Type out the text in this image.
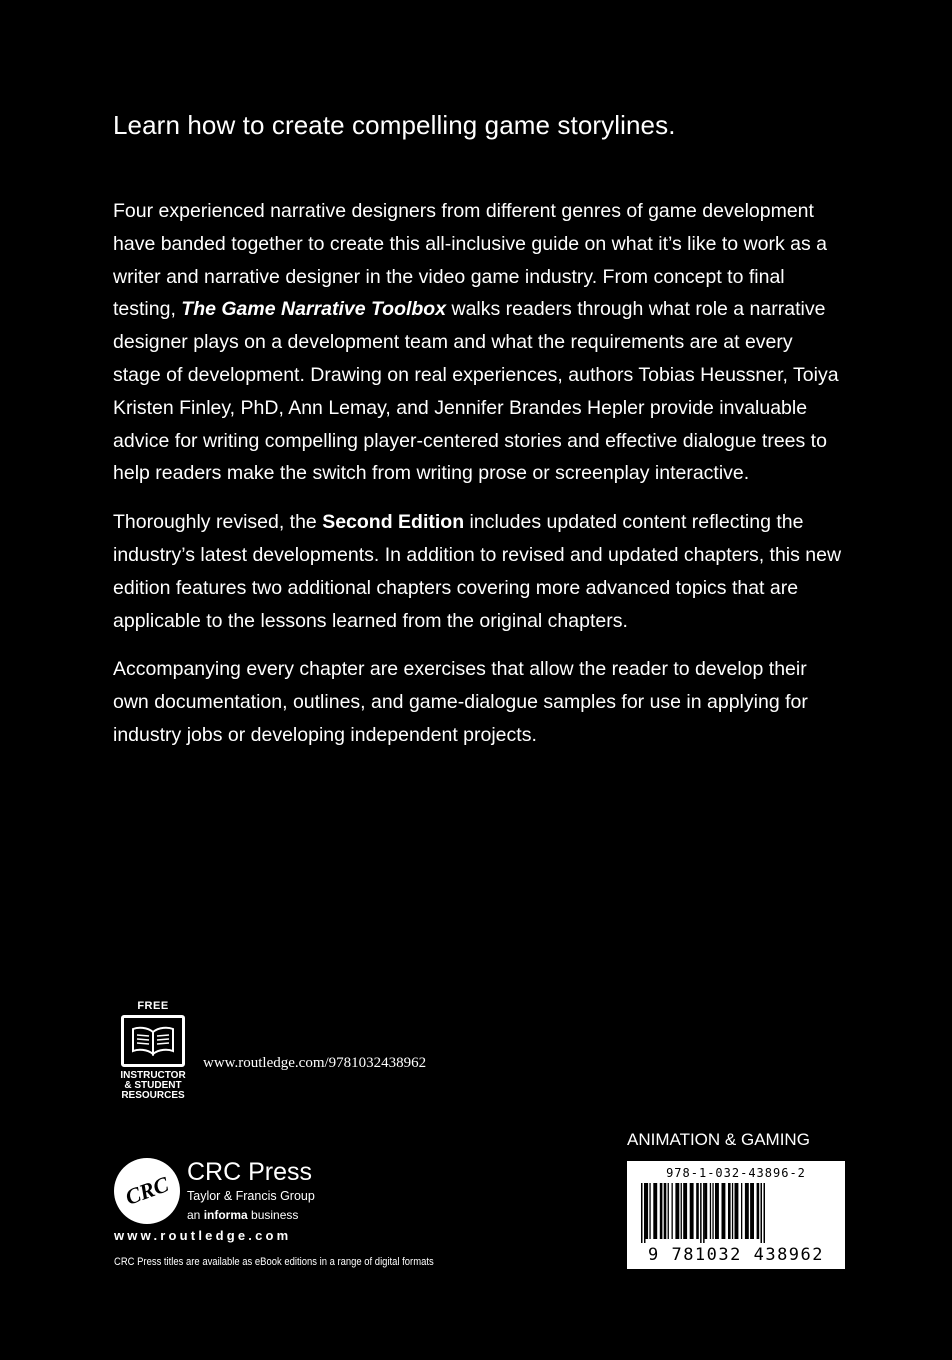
Learn how to create compelling game storylines.

Four experienced narrative designers from different genres of game development have banded together to create this all-inclusive guide on what it’s like to work as a writer and narrative designer in the video game industry. From concept to final testing, The Game Narrative Toolbox walks readers through what role a narrative designer plays on a development team and what the requirements are at every stage of development. Drawing on real experiences, authors Tobias Heussner, Toiya Kristen Finley, PhD, Ann Lemay, and Jennifer Brandes Hepler provide invaluable advice for writing compelling player-centered stories and effective dialogue trees to help readers make the switch from writing prose or screenplay interactive.

Thoroughly revised, the Second Edition includes updated content reflecting the industry’s latest developments. In addition to revised and updated chapters, this new edition features two additional chapters covering more advanced topics that are applicable to the lessons learned from the original chapters.

Accompanying every chapter are exercises that allow the reader to develop their own documentation, outlines, and game-dialogue samples for use in applying for industry jobs or developing independent projects.

FREE
INSTRUCTOR
& STUDENT
RESOURCES
www.routledge.com/9781032438962
CRC CRC Press
Taylor & Francis Group
an informa business
www.routledge.com
CRC Press titles are available as eBook editions in a range of digital formats
ANIMATION & GAMING
978-1-032-43896-2
9 781032 438962
